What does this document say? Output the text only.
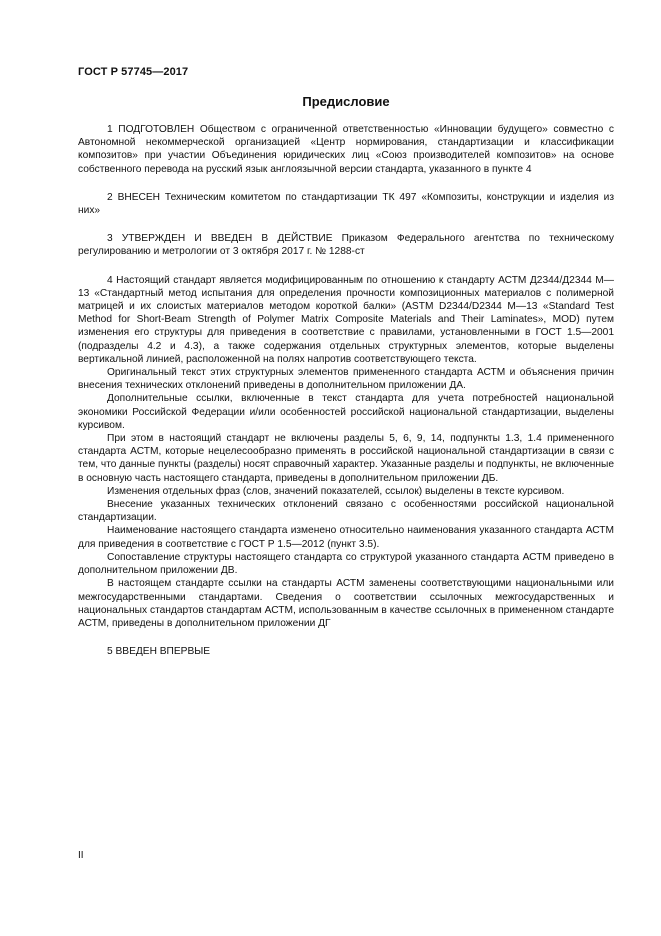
ГОСТ Р 57745—2017
Предисловие

1 ПОДГОТОВЛЕН Обществом с ограниченной ответственностью «Инновации будущего» совместно с Автономной некоммерческой организацией «Центр нормирования, стандартизации и классификации композитов» при участии Объединения юридических лиц «Союз производителей композитов» на основе собственного перевода на русский язык англоязычной версии стандарта, указанного в пункте 4

2 ВНЕСЕН Техническим комитетом по стандартизации ТК 497 «Композиты, конструкции и изделия из них»

3 УТВЕРЖДЕН И ВВЕДЕН В ДЕЙСТВИЕ Приказом Федерального агентства по техническому регулированию и метрологии от 3 октября 2017 г. № 1288-ст

4 Настоящий стандарт является модифицированным по отношению к стандарту АСТМ Д2344/Д2344 М—13 «Стандартный метод испытания для определения прочности композиционных материалов с полимерной матрицей и их слоистых материалов методом короткой балки» (ASTM D2344/D2344 M—13 «Standard Test Method for Short-Beam Strength of Polymer Matrix Composite Materials and Their Laminates», MOD) путем изменения его структуры для приведения в соответствие с правилами, установленными в ГОСТ 1.5—2001 (подразделы 4.2 и 4.3), а также содержания отдельных структурных элементов, которые выделены вертикальной линией, расположенной на полях напротив соответствующего текста.

Оригинальный текст этих структурных элементов примененного стандарта АСТМ и объяснения причин внесения технических отклонений приведены в дополнительном приложении ДА.

Дополнительные ссылки, включенные в текст стандарта для учета потребностей национальной экономики Российской Федерации и/или особенностей российской национальной стандартизации, выделены курсивом.

При этом в настоящий стандарт не включены разделы 5, 6, 9, 14, подпункты 1.3, 1.4 примененного стандарта АСТМ, которые нецелесообразно применять в российской национальной стандартизации в связи с тем, что данные пункты (разделы) носят справочный характер. Указанные разделы и подпункты, не включенные в основную часть настоящего стандарта, приведены в дополнительном приложении ДБ.

Изменения отдельных фраз (слов, значений показателей, ссылок) выделены в тексте курсивом.

Внесение указанных технических отклонений связано с особенностями российской национальной стандартизации.

Наименование настоящего стандарта изменено относительно наименования указанного стандарта АСТМ для приведения в соответствие с ГОСТ Р 1.5—2012 (пункт 3.5).

Сопоставление структуры настоящего стандарта со структурой указанного стандарта АСТМ приведено в дополнительном приложении ДВ.

В настоящем стандарте ссылки на стандарты АСТМ заменены соответствующими национальными или межгосударственными стандартами. Сведения о соответствии ссылочных межгосударственных и национальных стандартов стандартам АСТМ, использованным в качестве ссылочных в примененном стандарте АСТМ, приведены в дополнительном приложении ДГ

5 ВВЕДЕН ВПЕРВЫЕ

II
